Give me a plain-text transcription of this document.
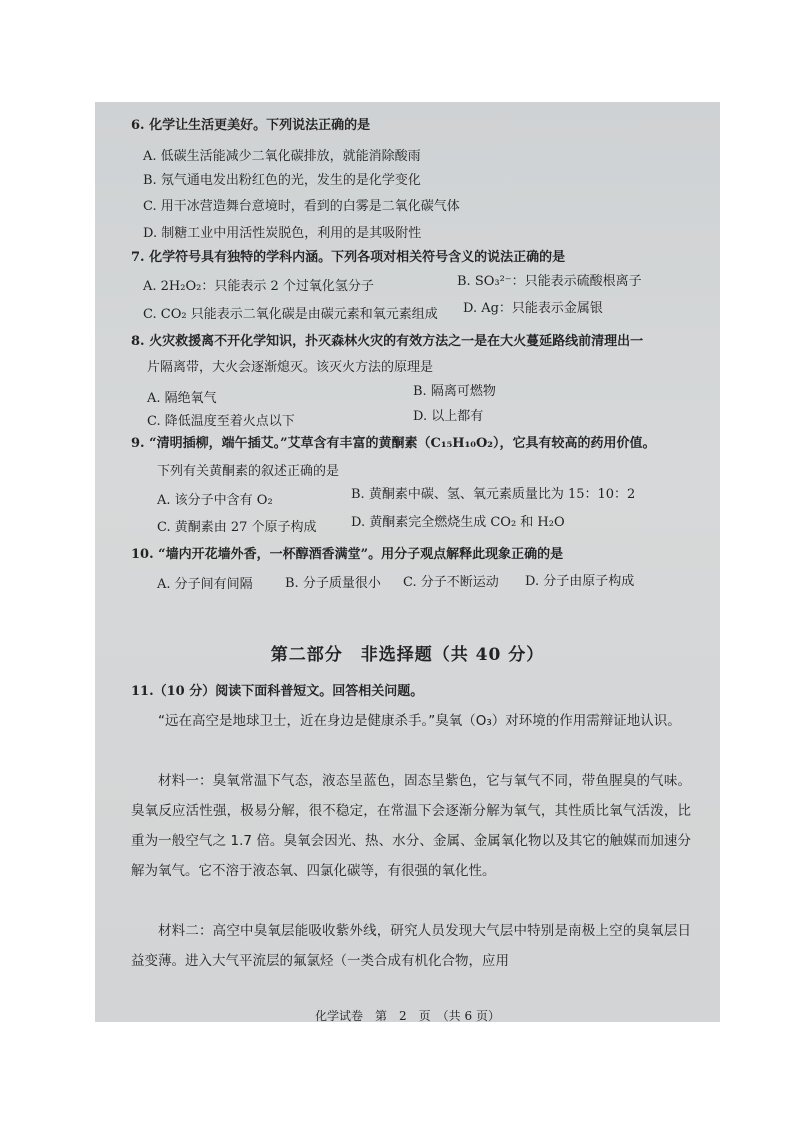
6. 化学让生活更美好。下列说法正确的是
A. 低碳生活能减少二氧化碳排放，就能消除酸雨
B. 氖气通电发出粉红色的光，发生的是化学变化
C. 用干冰营造舞台意境时，看到的白雾是二氧化碳气体
D. 制糖工业中用活性炭脱色，利用的是其吸附性
7. 化学符号具有独特的学科内涵。下列各项对相关符号含义的说法正确的是
A. 2H₂O₂：只能表示 2 个过氧化氢分子	B. SO₃²⁻：只能表示硫酸根离子
C. CO₂ 只能表示二氧化碳是由碳元素和氧元素组成 D. Ag：只能表示金属银
8. 火灾救援离不开化学知识，扑灭森林火灾的有效方法之一是在大火蔓延路线前清理出一
片隔离带，大火会逐渐熄灭。该灭火方法的原理是
A. 隔绝氧气	B. 隔离可燃物
C. 降低温度至着火点以下	D. 以上都有
9. “清明插柳，端午插艾。”艾草含有丰富的黄酮素（C₁₅H₁₀O₂），它具有较高的药用价值。
下列有关黄酮素的叙述正确的是
A. 该分子中含有 O₂	B. 黄酮素中碳、氢、氧元素质量比为 15：10：2
C. 黄酮素由 27 个原子构成	D. 黄酮素完全燃烧生成 CO₂ 和 H₂O
10. “墙内开花墙外香，一杯醇酒香满堂”。用分子观点解释此现象正确的是
A. 分子间有间隔 B. 分子质量很小 C. 分子不断运动 D. 分子由原子构成
第二部分　非选择题（共 40 分）
11.（10 分）阅读下面科普短文。回答相关问题。
“远在高空是地球卫士，近在身边是健康杀手。”臭氧（O₃）对环境的作用需辩证地认识。
材料一：臭氧常温下气态，液态呈蓝色，固态呈紫色，它与氧气不同，带鱼腥臭的气味。臭氧反应活性强，极易分解，很不稳定，在常温下会逐渐分解为氧气，其性质比氧气活泼，比重为一般空气之 1.7 倍。臭氧会因光、热、水分、金属、金属氧化物以及其它的触媒而加速分解为氧气。它不溶于液态氧、四氯化碳等，有很强的氧化性。
材料二：高空中臭氧层能吸收紫外线，研究人员发现大气层中特别是南极上空的臭氧层日益变薄。进入大气平流层的氟氯烃（一类合成有机化合物，应用
化学试卷　第　2　页　（共 6 页）
